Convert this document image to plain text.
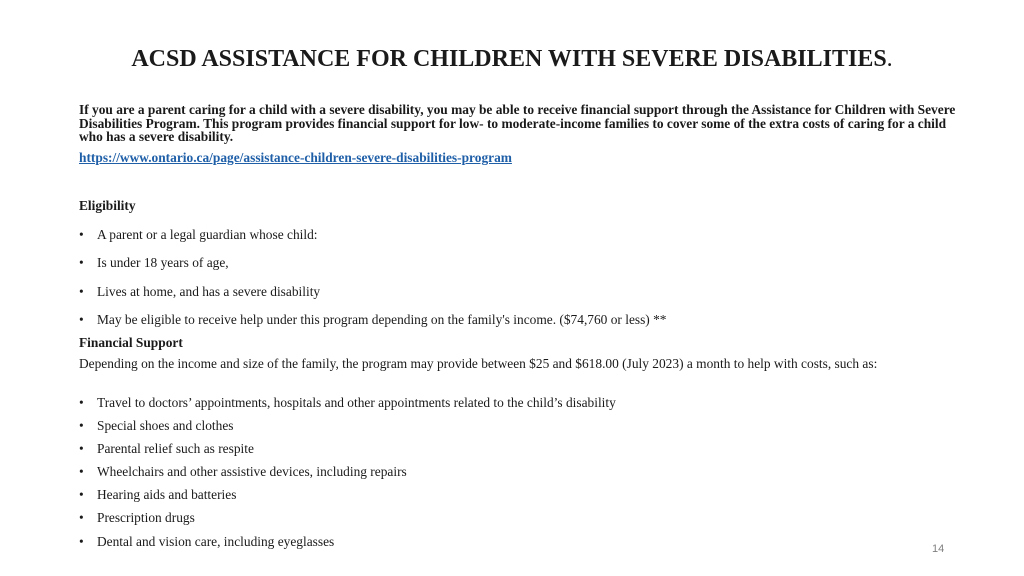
ACSD ASSISTANCE FOR CHILDREN WITH SEVERE DISABILITIES.
If you are a parent caring for a child with a severe disability, you may be able to receive financial support through the Assistance for Children with Severe Disabilities Program. This program provides financial support for low- to moderate-income families to cover some of the extra costs of caring for a child who has a severe disability.
https://www.ontario.ca/page/assistance-children-severe-disabilities-program
Eligibility
• A parent or a legal guardian whose child:
• Is under 18 years of age,
• Lives at home, and has a severe disability
• May be eligible to receive help under this program depending on the family's income. ($74,760 or less) **
Financial Support
Depending on the income and size of the family, the program may provide between $25 and $618.00 (July 2023) a month to help with costs, such as:
• Travel to doctors’ appointments, hospitals and other appointments related to the child’s disability
• Special shoes and clothes
• Parental relief such as respite
• Wheelchairs and other assistive devices, including repairs
• Hearing aids and batteries
• Prescription drugs
• Dental and vision care, including eyeglasses	14
